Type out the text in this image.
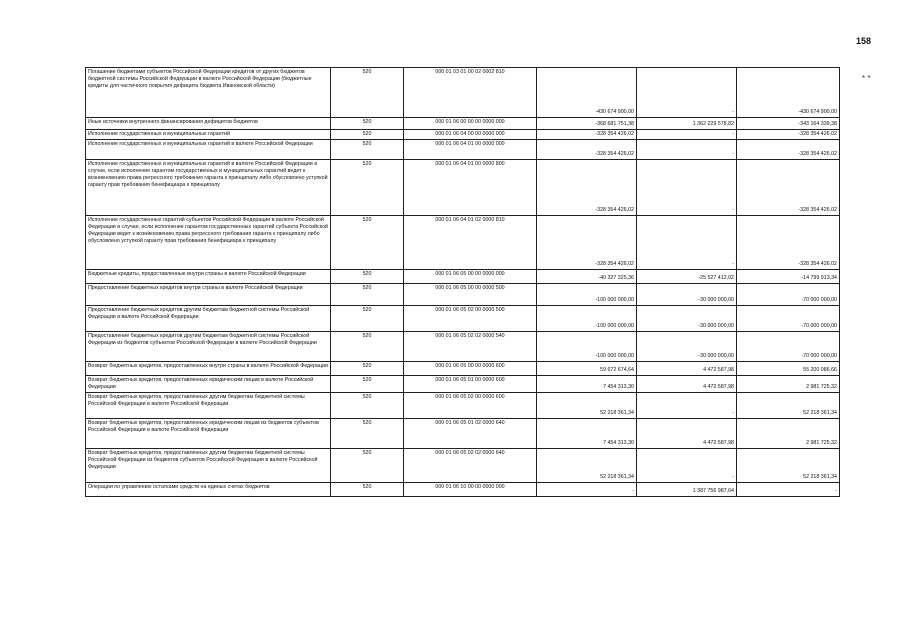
158
* *
Погашение бюджетами субъектов Российской Федерации кредитов от других бюджетов бюджетной системы Российской Федерации в валюте Российской Федерации (бюджетные кредиты для частичного покрытия дефицита бюджета Ивановской области)	520	000 01 03 01 00 02 0002 810	-430 674 900,00	-	-430 674 900,00
Иные источники внутреннего финансирования дефицитов бюджетов	520	000 01 06 00 00 00 0000 000	-368 681 751,38	1 362 229 578,82	-343 164 339,38
Исполнение государственных и муниципальных гарантий	520	000 01 06 04 00 00 0000 000	-328 354 426,02	-	-328 354 426,02
Исполнение государственных и муниципальных гарантий в валюте Российской Федерации	520	000 01 06 04 01 00 0000 000	-328 354 426,02	-	-328 354 426,02
Исполнение государственных и муниципальных гарантий в валюте Российской Федерации в случае, если исполнение гарантом государственных и муниципальных гарантий ведет к возникновению права регрессного требования гаранта к принципалу либо обусловлено уступкой гаранту прав требования бенефициара к принципалу	520	000 01 06 04 01 00 0000 800	-328 354 426,02	-	-328 354 426,02
Исполнение государственных гарантий субъектов Российской Федерации в валюте Российской Федерации в случае, если исполнение гарантом государственных гарантий субъекта Российской Федерации ведет к возникновению права регрессного требования гаранта к принципалу либо обусловлено уступкой гаранту прав требования бенефициара к принципалу	520	000 01 06 04 01 02 0000 810	-328 354 426,02	-	-328 354 426,02
Бюджетные кредиты, предоставленные внутри страны в валюте Российской Федерации	520	000 01 06 05 00 00 0000 000	-40 327 325,36	-25 527 412,02	-14 799 913,34
Предоставление бюджетных кредитов внутри страны в валюте Российской Федерации	520	000 01 06 05 00 00 0000 500	-100 000 000,00	-30 000 000,00	-70 000 000,00
Предоставление бюджетных кредитов другим бюджетам бюджетной системы Российской Федерации в валюте Российской Федерации	520	000 01 06 05 02 00 0000 500	-100 000 000,00	-30 000 000,00	-70 000 000,00
Предоставление бюджетных кредитов другим бюджетам бюджетной системы Российской Федерации из бюджетов субъектов Российской Федерации в валюте Российской Федерации	520	000 01 06 05 02 02 0000 540	-100 000 000,00	-30 000 000,00	-70 000 000,00
Возврат бюджетных кредитов, предоставленных внутри страны в валюте Российской Федерации	520	000 01 06 05 00 00 0000 600	59 672 674,64	4 472 587,98	55 200 086,66
Возврат бюджетных кредитов, предоставленных юридическим лицам в валюте Российской Федерации	520	000 01 06 05 01 00 0000 600	7 454 313,30	4 472 587,98	2 981 725,32
Возврат бюджетных кредитов, предоставленных другим бюджетам бюджетной системы Российской Федерации в валюте Российской Федерации	520	000 01 06 05 02 00 0000 600	52 218 361,34	-	52 218 361,34
Возврат бюджетных кредитов, предоставленных юридическим лицам из бюджетов субъектов Российской Федерации в валюте Российской Федерации	520	000 01 06 05 01 02 0000 640	7 454 313,30	4 472 587,98	2 981 725,32
Возврат бюджетных кредитов, предоставленных другим бюджетам бюджетной системы Российской Федерации из бюджетов субъектов Российской Федерации в валюте Российской Федерации	520	000 01 06 05 02 02 0000 640	52 218 361,34	-	52 218 361,34
Операции по управлению остатками средств на единых счетах бюджетов	520	000 01 06 10 00 00 0000 000	-	1 387 756 987,64	-
